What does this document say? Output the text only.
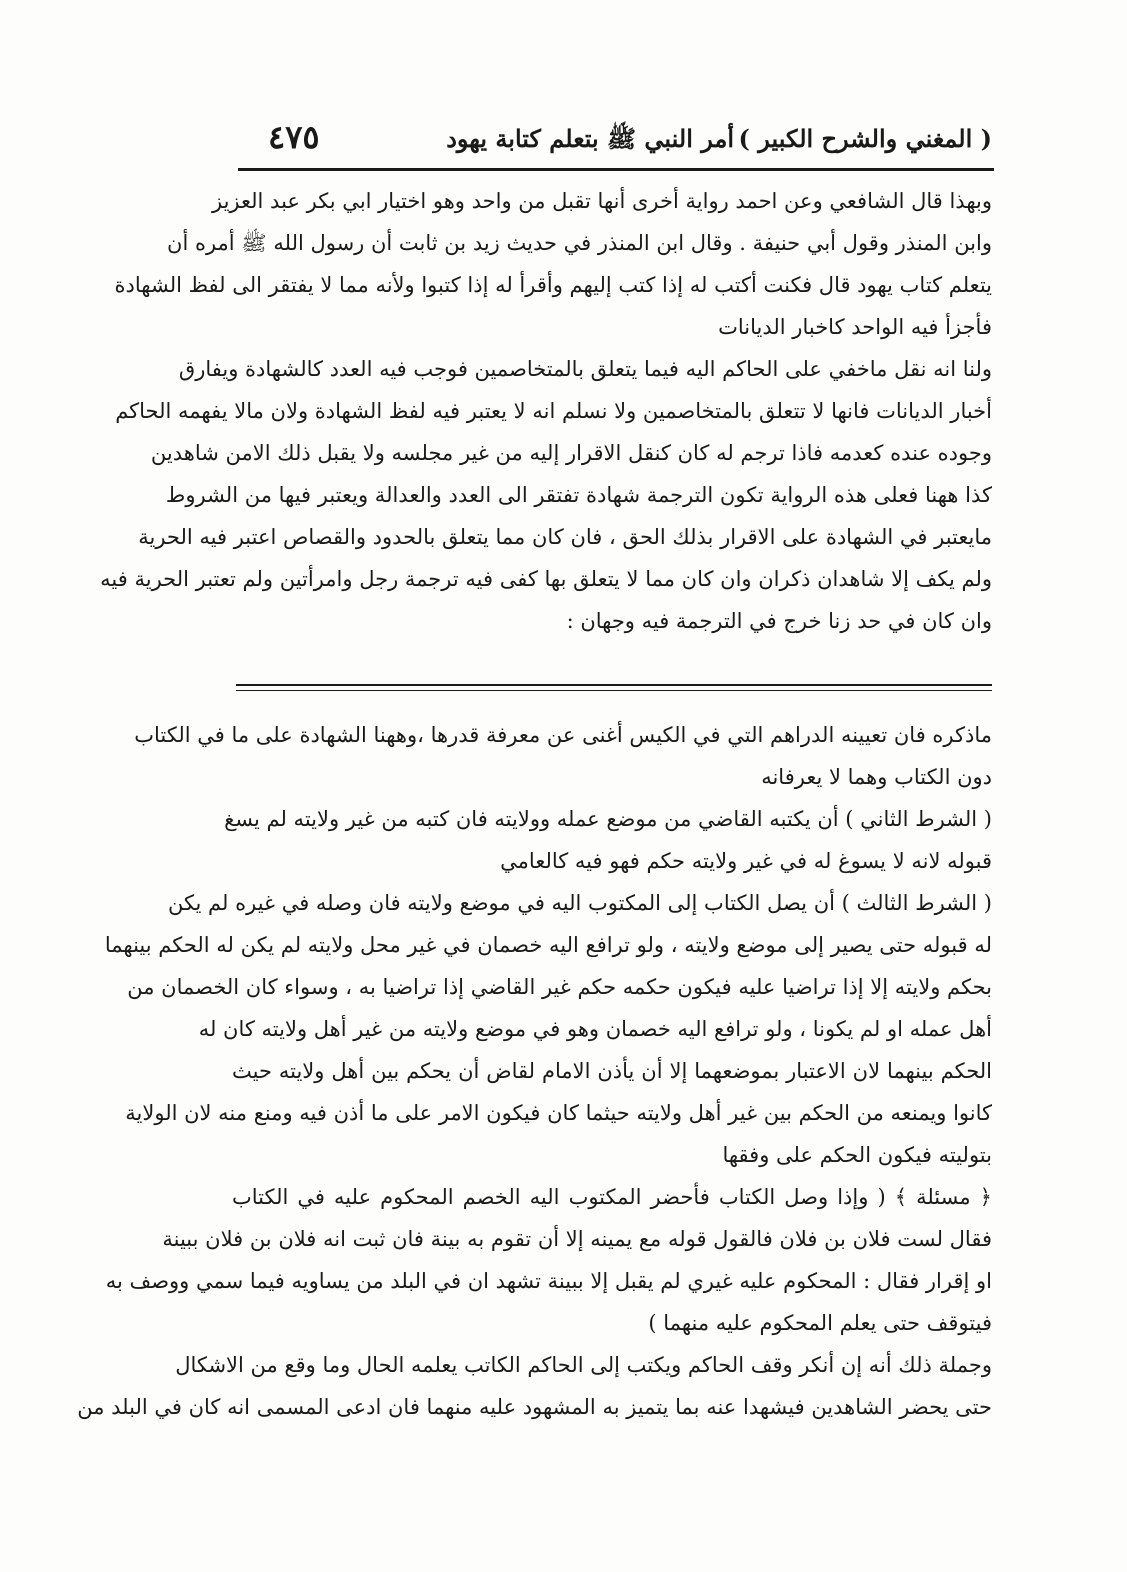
( المغني والشرح الكبير )
أمر النبي ﷺ بتعلم كتابة يهود
٤٧٥
وبهذا قال الشافعي وعن احمد رواية أخرى أنها تقبل من واحد وهو اختيار ابي بكر عبد العزيز
وابن المنذر وقول أبي حنيفة . وقال ابن المنذر في حديث زيد بن ثابت أن رسول الله ﷺ أمره أن
يتعلم كتاب يهود قال فكنت أكتب له إذا كتب إليهم وأقرأ له إذا كتبوا ولأنه مما لا يفتقر الى لفظ الشهادة
فأجزأ فيه الواحد كاخبار الديانات
ولنا انه نقل ماخفي على الحاكم اليه فيما يتعلق بالمتخاصمين فوجب فيه العدد كالشهادة ويفارق
أخبار الديانات فانها لا تتعلق بالمتخاصمين ولا نسلم انه لا يعتبر فيه لفظ الشهادة ولان مالا يفهمه الحاكم
وجوده عنده كعدمه فاذا ترجم له كان كنقل الاقرار إليه من غير مجلسه ولا يقبل ذلك الامن شاهدين
كذا ههنا فعلى هذه الرواية تكون الترجمة شهادة تفتقر الى العدد والعدالة ويعتبر فيها من الشروط
مايعتبر في الشهادة على الاقرار بذلك الحق ، فان كان مما يتعلق بالحدود والقصاص اعتبر فيه الحرية
ولم يكف إلا شاهدان ذكران وان كان مما لا يتعلق بها كفى فيه ترجمة رجل وامرأتين ولم تعتبر الحرية فيه
وان كان في حد زنا خرج في الترجمة فيه وجهان :
ماذكره فان تعيينه الدراهم التي في الكيس أغنى عن معرفة قدرها ،وههنا الشهادة على ما في الكتاب
دون الكتاب وهما لا يعرفانه
( الشرط الثاني ) أن يكتبه القاضي من موضع عمله وولايته فان كتبه من غير ولايته لم يسغ
قبوله لانه لا يسوغ له في غير ولايته حكم فهو فيه كالعامي
( الشرط الثالث ) أن يصل الكتاب إلى المكتوب اليه في موضع ولايته فان وصله في غيره لم يكن
له قبوله حتى يصير إلى موضع ولايته ، ولو ترافع اليه خصمان في غير محل ولايته لم يكن له الحكم بينهما
بحكم ولايته إلا إذا تراضيا عليه فيكون حكمه حكم غير القاضي إذا تراضيا به ، وسواء كان الخصمان من
أهل عمله او لم يكونا ، ولو ترافع اليه خصمان وهو في موضع ولايته من غير أهل ولايته كان له
الحكم بينهما لان الاعتبار بموضعهما إلا أن يأذن الامام لقاض أن يحكم بين أهل ولايته حيث
كانوا ويمنعه من الحكم بين غير أهل ولايته حيثما كان فيكون الامر على ما أذن فيه ومنع منه لان الولاية
بتوليته فيكون الحكم على وفقها
﴿ مسئلة ﴾ ( وإذا وصل الكتاب فأحضر المكتوب اليه الخصم المحكوم عليه في الكتاب
فقال لست فلان بن فلان فالقول قوله مع يمينه إلا أن تقوم به بينة فان ثبت انه فلان بن فلان ببينة
او إقرار فقال : المحكوم عليه غيري لم يقبل إلا ببينة تشهد ان في البلد من يساويه فيما سمي ووصف به
فيتوقف حتى يعلم المحكوم عليه منهما )
وجملة ذلك أنه إن أنكر وقف الحاكم ويكتب إلى الحاكم الكاتب يعلمه الحال وما وقع من الاشكال
حتى يحضر الشاهدين فيشهدا عنه بما يتميز به المشهود عليه منهما فان ادعى المسمى انه كان في البلد من
